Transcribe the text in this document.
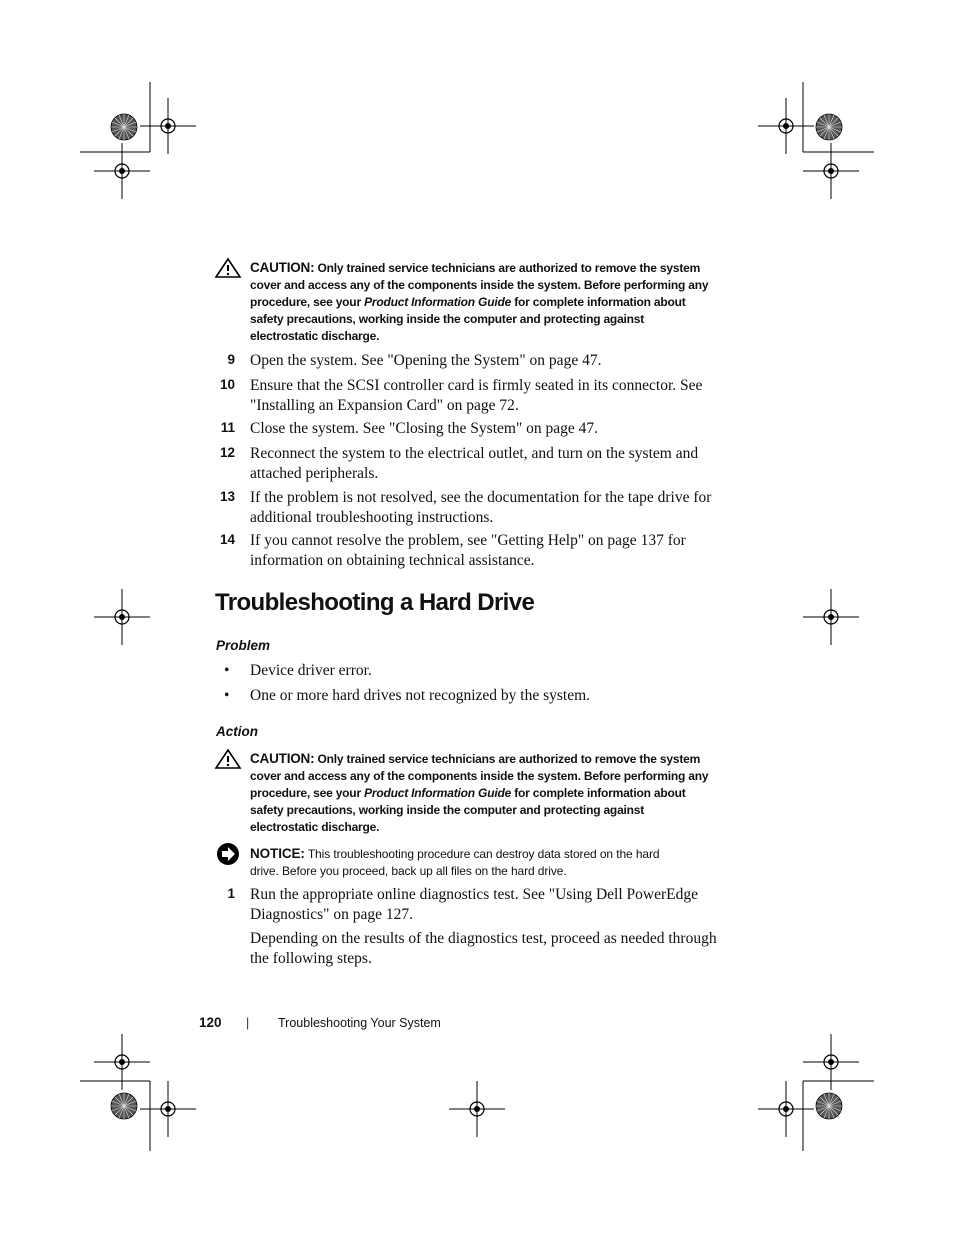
CAUTION: Only trained service technicians are authorized to remove the system
cover and access any of the components inside the system. Before performing any
procedure, see your Product Information Guide for complete information about
safety precautions, working inside the computer and protecting against
electrostatic discharge.
9 Open the system. See "Opening the System" on page 47.
10 Ensure that the SCSI controller card is firmly seated in its connector. See "Installing an Expansion Card" on page 72.
11 Close the system. See "Closing the System" on page 47.
12 Reconnect the system to the electrical outlet, and turn on the system and attached peripherals.
13 If the problem is not resolved, see the documentation for the tape drive for additional troubleshooting instructions.
14 If you cannot resolve the problem, see "Getting Help" on page 137 for information on obtaining technical assistance.
Troubleshooting a Hard Drive
Problem
• Device driver error.
• One or more hard drives not recognized by the system.
Action
CAUTION: Only trained service technicians are authorized to remove the system
cover and access any of the components inside the system. Before performing any
procedure, see your Product Information Guide for complete information about
safety precautions, working inside the computer and protecting against
electrostatic discharge.
NOTICE: This troubleshooting procedure can destroy data stored on the hard
drive. Before you proceed, back up all files on the hard drive.
1 Run the appropriate online diagnostics test. See "Using Dell PowerEdge Diagnostics" on page 127.
Depending on the results of the diagnostics test, proceed as needed through the following steps.
120 | Troubleshooting Your System
